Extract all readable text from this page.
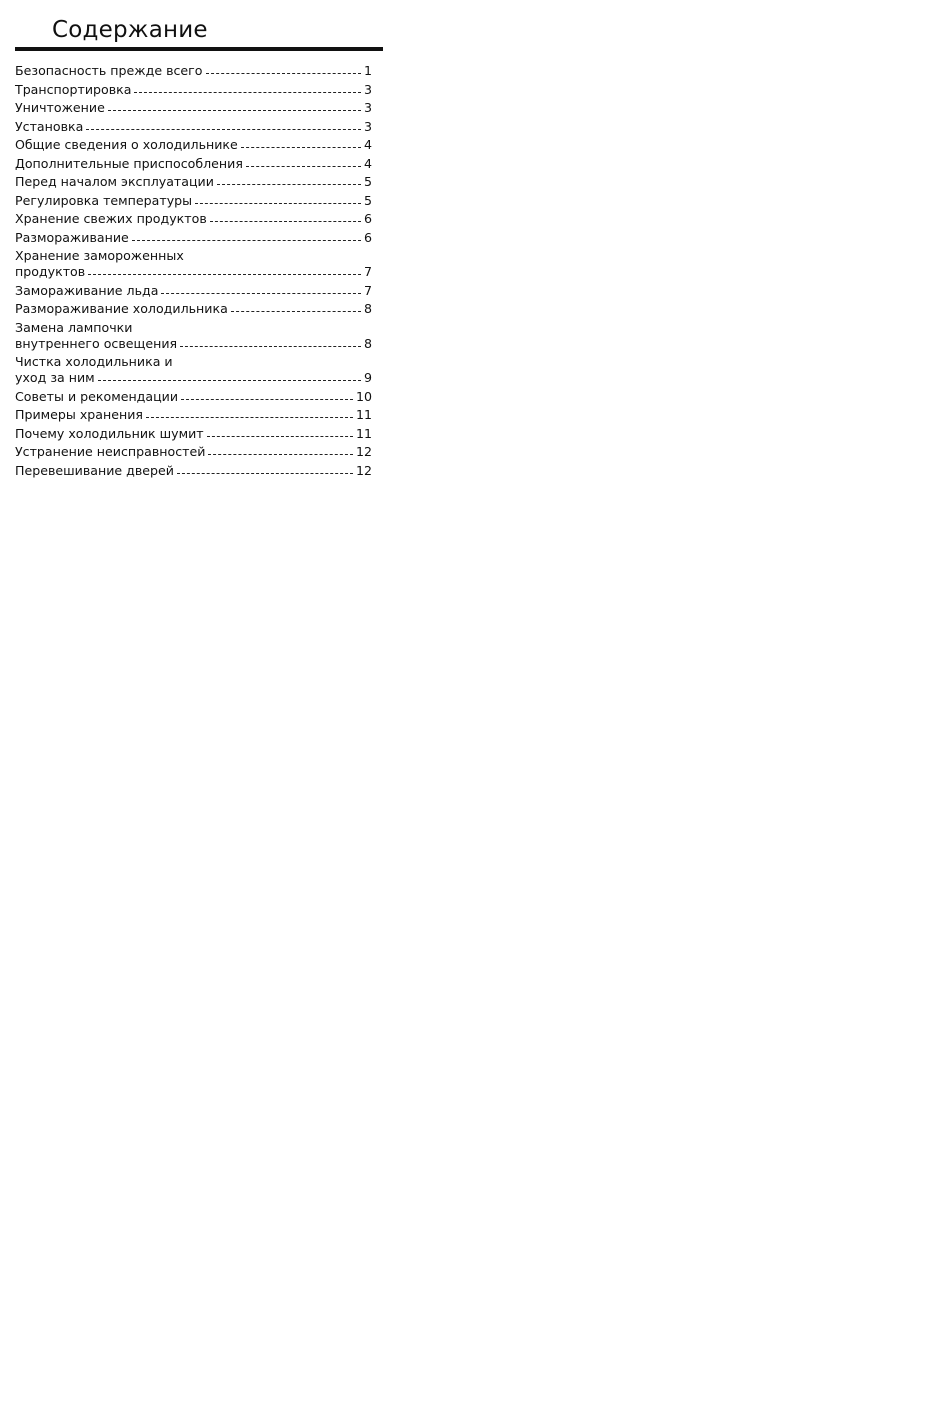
Содержание
Безопасность прежде всего	1
Транспортировка	3
Уничтожение	3
Установка	3
Общие сведения о холодильнике	4
Дополнительные приспособления	4
Перед началом эксплуатации	5
Регулировка температуры	5
Хранение свежих продуктов	6
Размораживание	6
Хранение замороженных
продуктов	7
Замораживание льда	7
Размораживание холодильника	8
Замена лампочки
внутреннего освещения	8
Чистка холодильника и
уход за ним	9
Советы и рекомендации	10
Примеры хранения	11
Почему холодильник шумит	11
Устранение неисправностей	12
Перевешивание дверей	12
